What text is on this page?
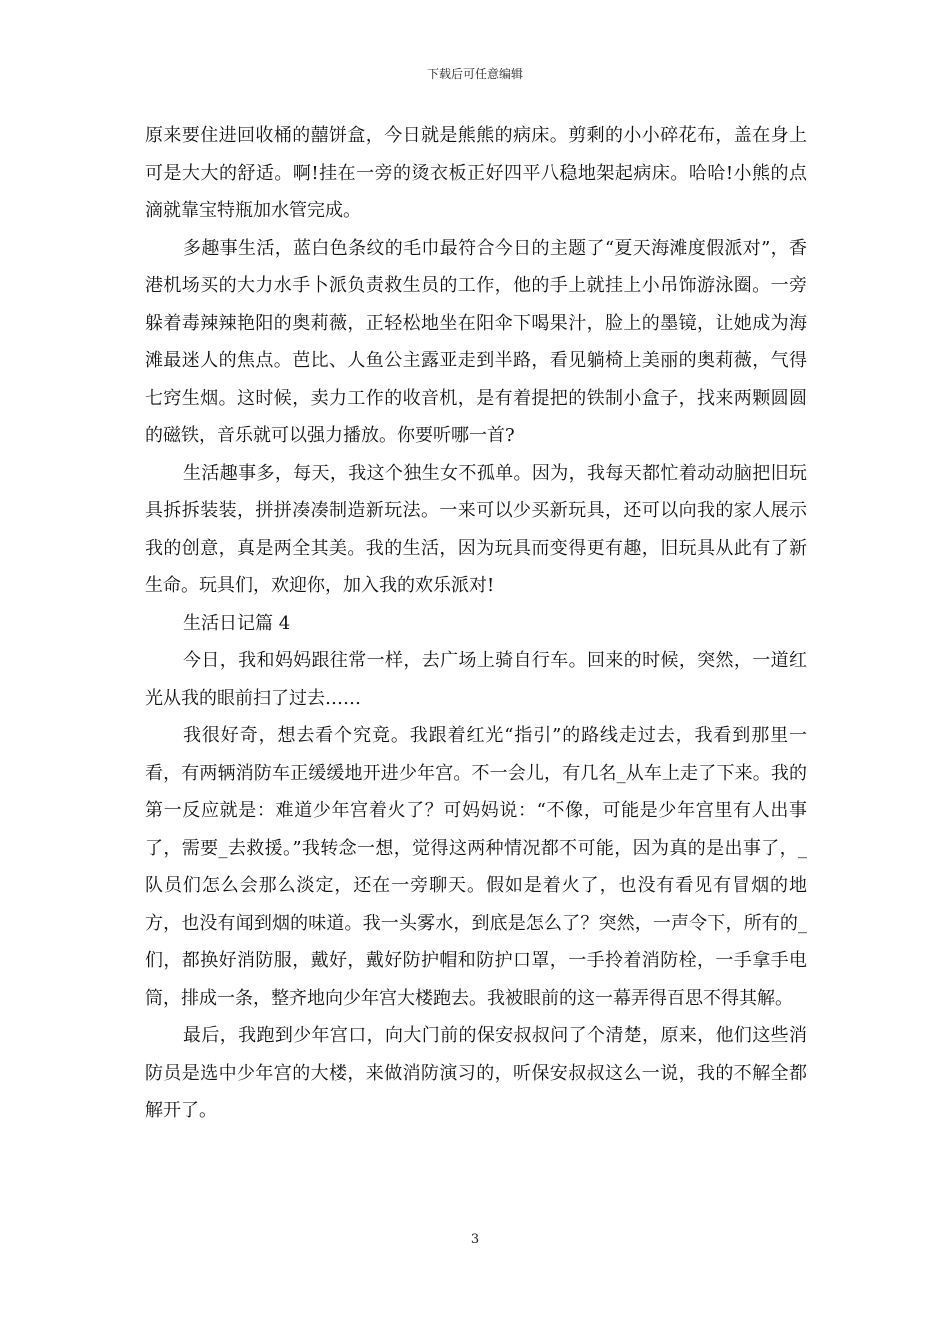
下载后可任意编辑

原来要住进回收桶的囍饼盒，今日就是熊熊的病床。剪剩的小小碎花布，盖在身上可是大大的舒适。啊!挂在一旁的烫衣板正好四平八稳地架起病床。哈哈!小熊的点滴就靠宝特瓶加水管完成。

多趣事生活，蓝白色条纹的毛巾最符合今日的主题了“夏天海滩度假派对”，香港机场买的大力水手卜派负责救生员的工作，他的手上就挂上小吊饰游泳圈。一旁躲着毒辣辣艳阳的奥莉薇，正轻松地坐在阳伞下喝果汁，脸上的墨镜，让她成为海滩最迷人的焦点。芭比、人鱼公主露亚走到半路，看见躺椅上美丽的奥莉薇，气得七窍生烟。这时候，卖力工作的收音机，是有着提把的铁制小盒子，找来两颗圆圆的磁铁，音乐就可以强力播放。你要听哪一首?

生活趣事多，每天，我这个独生女不孤单。因为，我每天都忙着动动脑把旧玩具拆拆装装，拼拼凑凑制造新玩法。一来可以少买新玩具，还可以向我的家人展示我的创意，真是两全其美。我的生活，因为玩具而变得更有趣，旧玩具从此有了新生命。玩具们，欢迎你，加入我的欢乐派对!

生活日记篇 4

今日，我和妈妈跟往常一样，去广场上骑自行车。回来的时候，突然，一道红光从我的眼前扫了过去……

我很好奇，想去看个究竟。我跟着红光“指引”的路线走过去，我看到那里一看，有两辆消防车正缓缓地开进少年宫。不一会儿，有几名_从车上走了下来。我的第一反应就是：难道少年宫着火了？可妈妈说：“不像，可能是少年宫里有人出事了，需要_去救援。”我转念一想，觉得这两种情况都不可能，因为真的是出事了，_队员们怎么会那么淡定，还在一旁聊天。假如是着火了，也没有看见有冒烟的地方，也没有闻到烟的味道。我一头雾水，到底是怎么了？突然，一声令下，所有的_们，都换好消防服，戴好，戴好防护帽和防护口罩，一手拎着消防栓，一手拿手电筒，排成一条，整齐地向少年宫大楼跑去。我被眼前的这一幕弄得百思不得其解。

最后，我跑到少年宫口，向大门前的保安叔叔问了个清楚，原来，他们这些消防员是选中少年宫的大楼，来做消防演习的，听保安叔叔这么一说，我的不解全都解开了。

3
